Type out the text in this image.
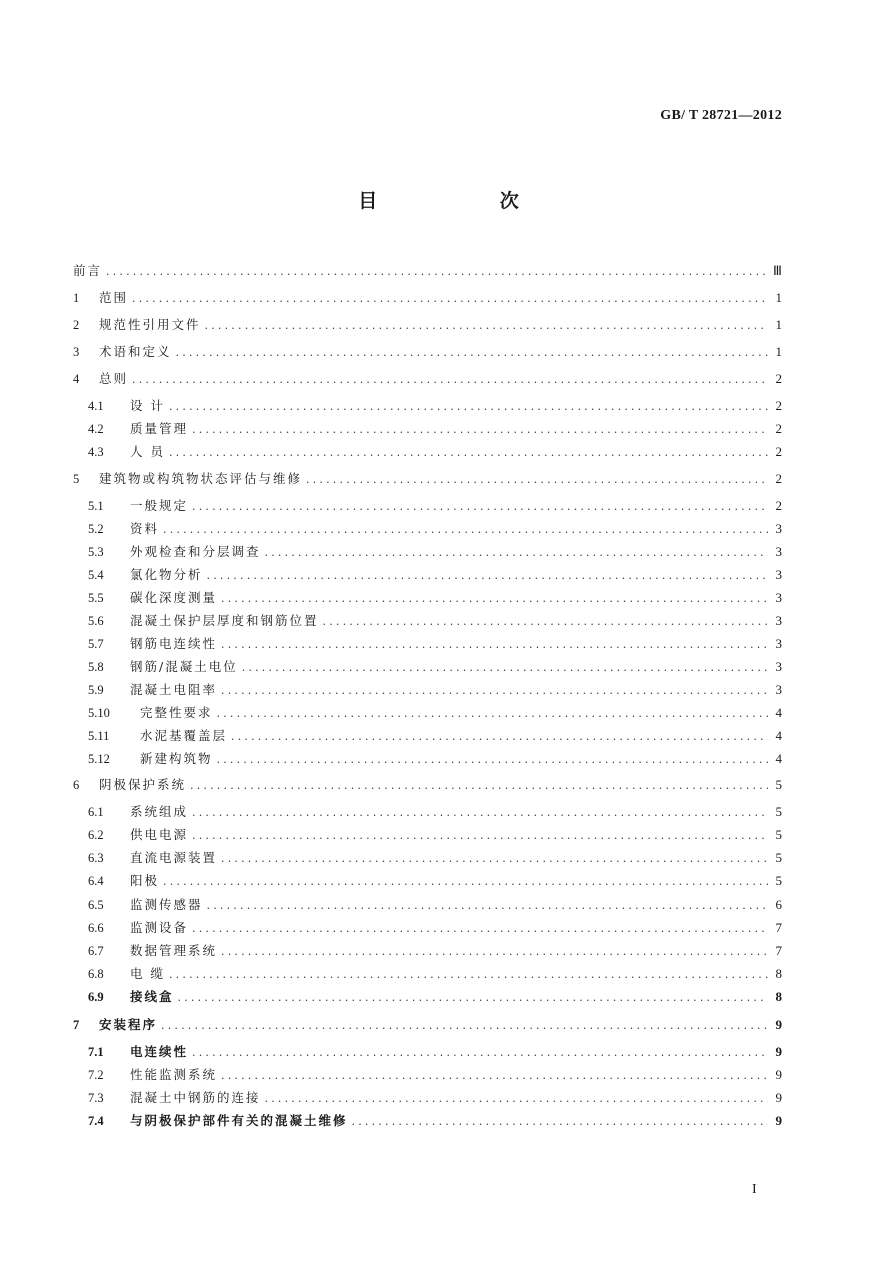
GB/ T 28721—2012
目 次
前言 .....	Ⅲ
1	范围 .....	1
2	规范性引用文件 .....	1
3	术语和定义 .....	1
4	总则 .....	2
4.1	设 计 .....	2
4.2	质量管理 .....	2
4.3	人 员 .....	2
5	建筑物或构筑物状态评估与维修 .....	2
5.1	一般规定 .....	2
5.2	资料 .....	3
5.3	外观检查和分层调查 .....	3
5.4	氯化物分析 .....	3
5.5	碳化深度测量 .....	3
5.6	混凝土保护层厚度和钢筋位置 .....	3
5.7	钢筋电连续性 .....	3
5.8	钢筋/混凝土电位 .....	3
5.9	混凝土电阻率 .....	3
5.10	完整性要求 .....	4
5.11	水泥基覆盖层 .....	4
5.12	新建构筑物 .....	4
6	阴极保护系统 .....	5
6.1	系统组成 .....	5
6.2	供电电源 .....	5
6.3	直流电源装置 .....	5
6.4	阳极 .....	5
6.5	监测传感器 .....	6
6.6	监测设备 .....	7
6.7	数据管理系统 .....	7
6.8	电 缆 .....	8
6.9	接线盒 .....	8
7	安装程序 .....	9
7.1	电连续性 .....	9
7.2	性能监测系统 .....	9
7.3	混凝土中钢筋的连接 .....	9
7.4	与阴极保护部件有关的混凝土维修 .....	9
I
